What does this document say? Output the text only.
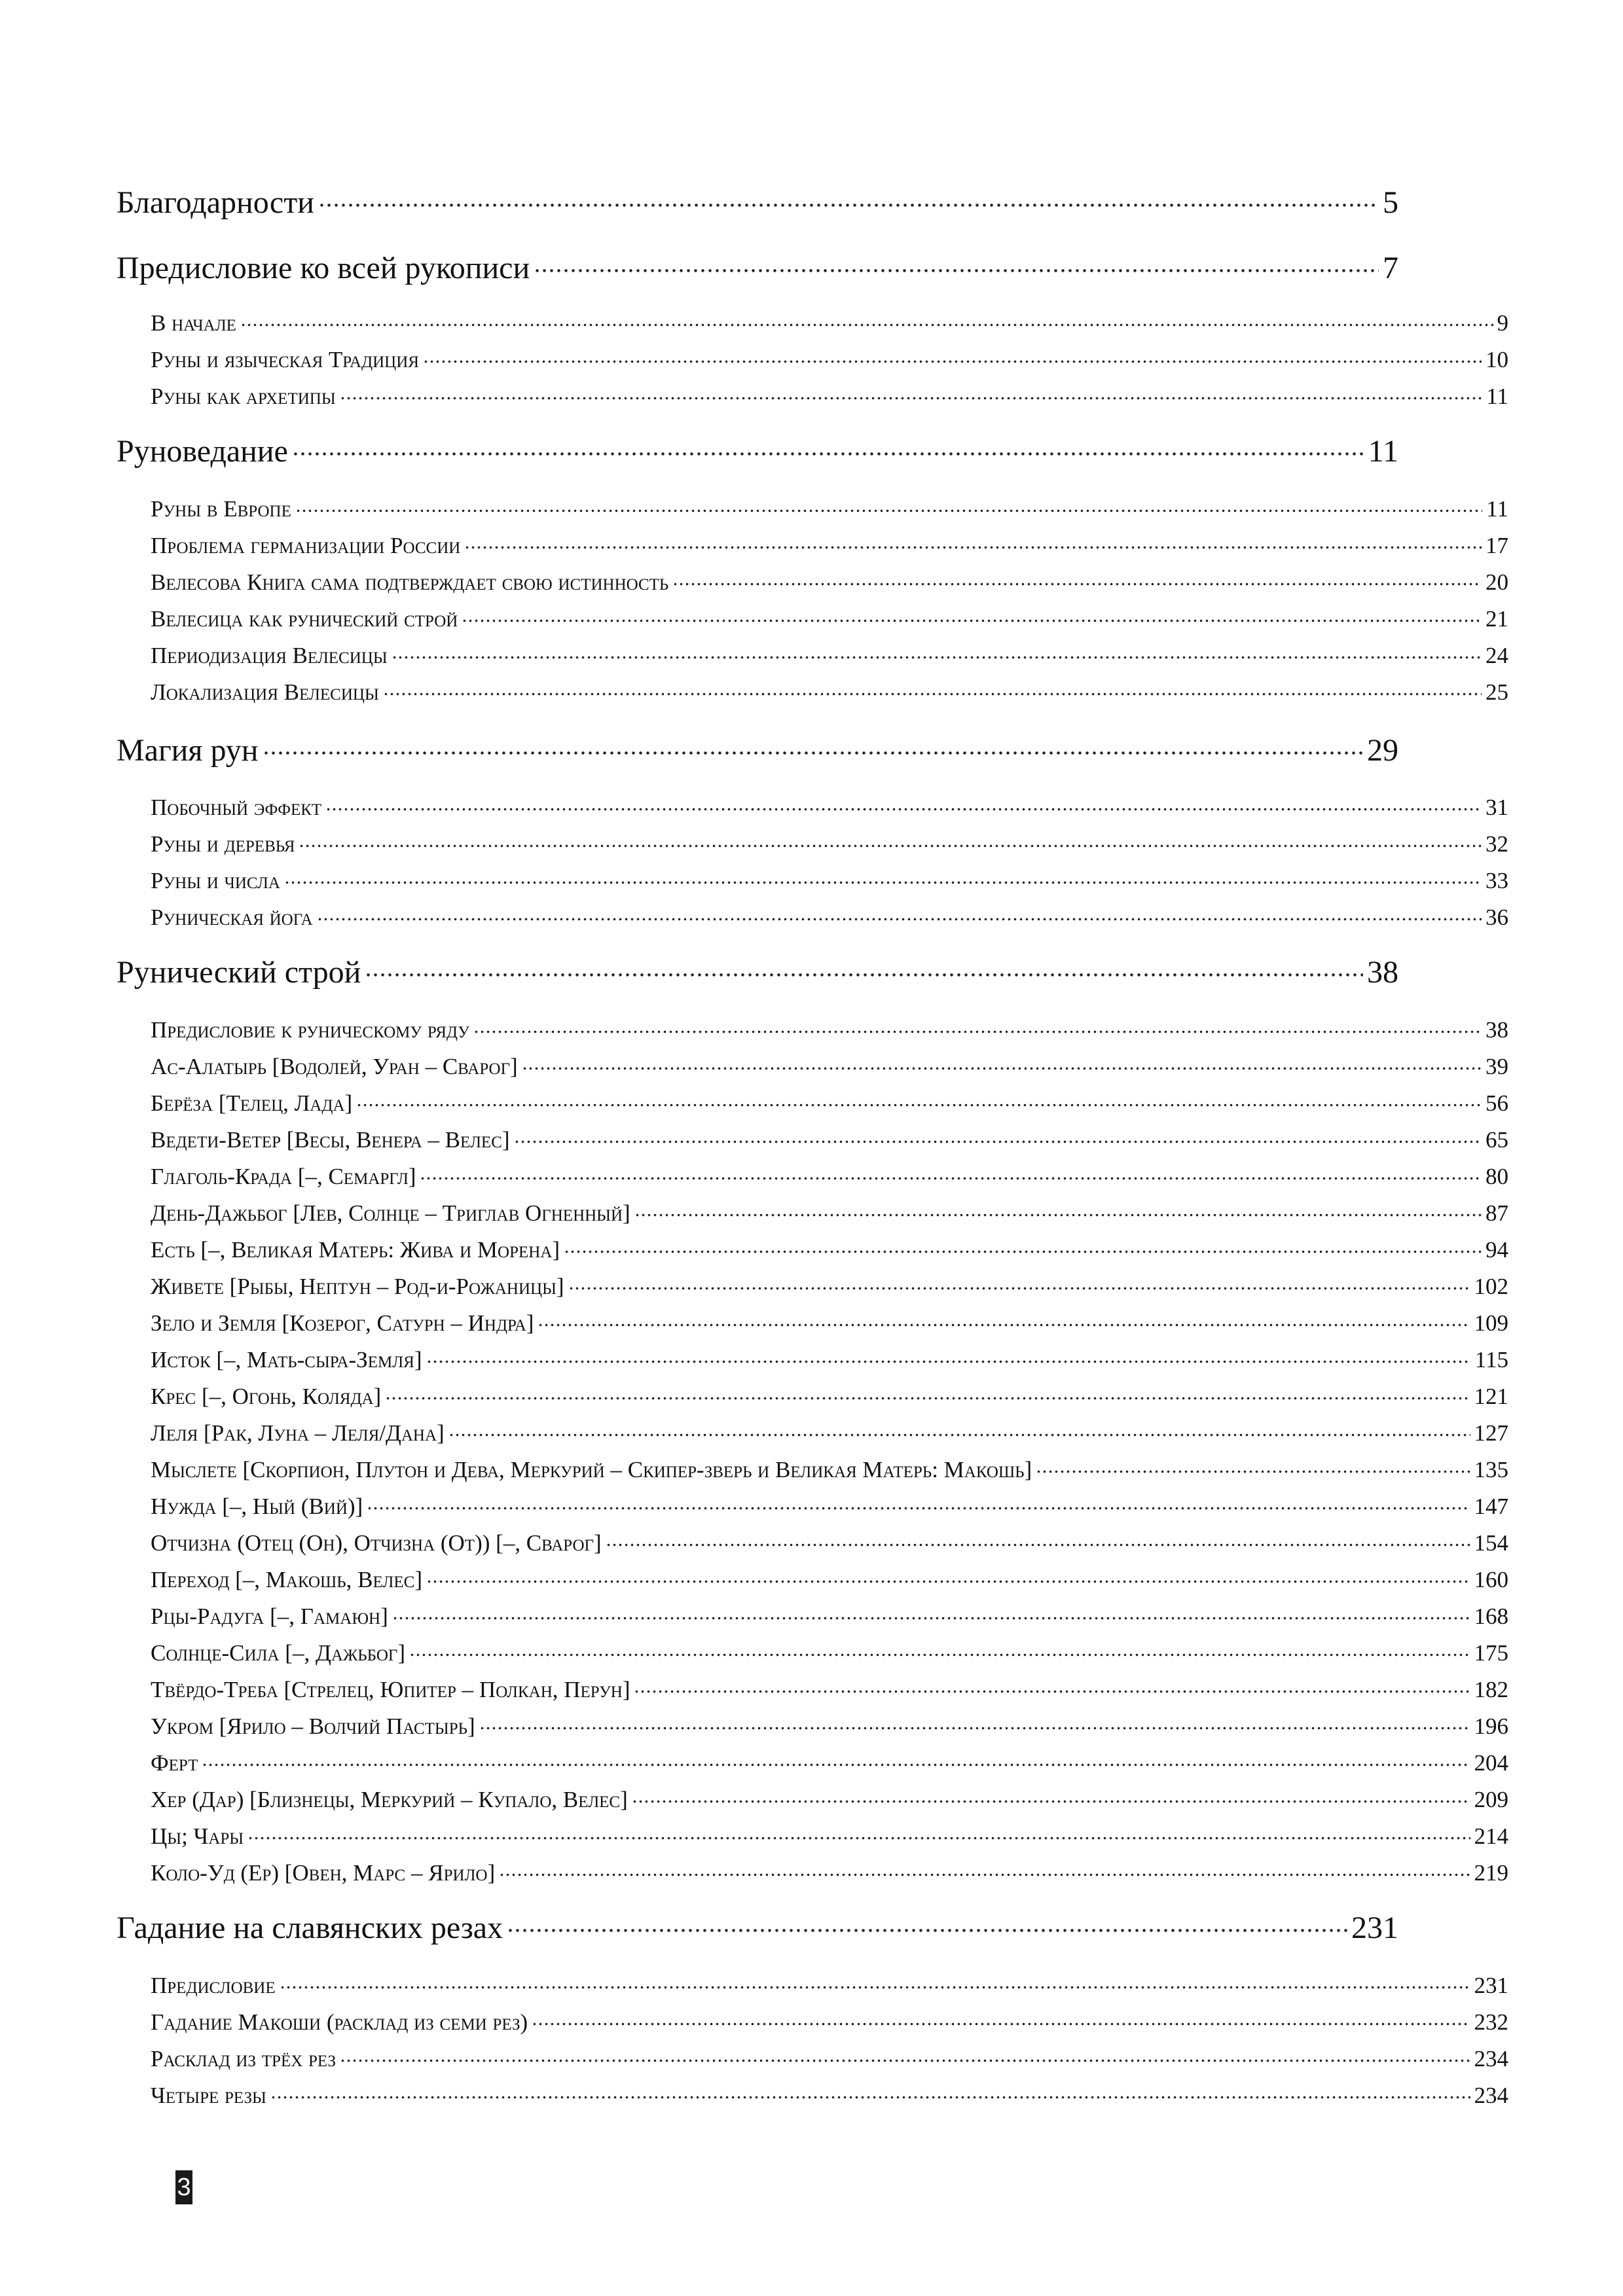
Благодарности	5
Предисловие ко всей рукописи	7
В начале	9
Руны и языческая Традиция	10
Руны как архетипы	11
Руноведание	11
Руны в Европе	11
Проблема германизации России	17
Велесова Книга сама подтверждает свою истинность	20
Велесица как рунический строй	21
Периодизация Велесицы	24
Локализация Велесицы	25
Магия рун	29
Побочный эффект	31
Руны и деревья	32
Руны и числа	33
Руническая йога	36
Рунический строй	38
Предисловие к руническому ряду	38
Ас-Алатырь [Водолей, Уран – Сварог]	39
Берёза [Телец, Лада]	56
Ведети-Ветер [Весы, Венера – Велес]	65
Глаголь-Крада [–, Семаргл]	80
День-Дажьбог [Лев, Солнце – Триглав Огненный]	87
Есть [–, Великая Матерь: Жива и Морена]	94
Живете [Рыбы, Нептун – Род-и-Рожаницы]	102
Зело и Земля [Козерог, Сатурн – Индра]	109
Исток [–, Мать-сыра-Земля]	115
Крес [–, Огонь, Коляда]	121
Леля [Рак, Луна – Леля/Дана]	127
Мыслете [Скорпион, Плутон и Дева, Меркурий – Скипер-зверь и Великая Матерь: Макошь]	135
Нужда [–, Ный (Вий)]	147
Отчизна (Отец (Он), Отчизна (От)) [–, Сварог]	154
Переход [–, Макошь, Велес]	160
Рцы-Радуга [–, Гамаюн]	168
Солнце-Сила [–, Дажьбог]	175
Твёрдо-Треба [Стрелец, Юпитер – Полкан, Перун]	182
Укром [Ярило – Волчий Пастырь]	196
Ферт	204
Хер (Дар) [Близнецы, Меркурий – Купало, Велес]	209
Цы; Чары	214
Коло-Уд (Ер) [Овен, Марс – Ярило]	219
Гадание на славянских резах	231
Предисловие	231
Гадание Макоши (расклад из семи рез)	232
Расклад из трёх рез	234
Четыре резы	234
3
